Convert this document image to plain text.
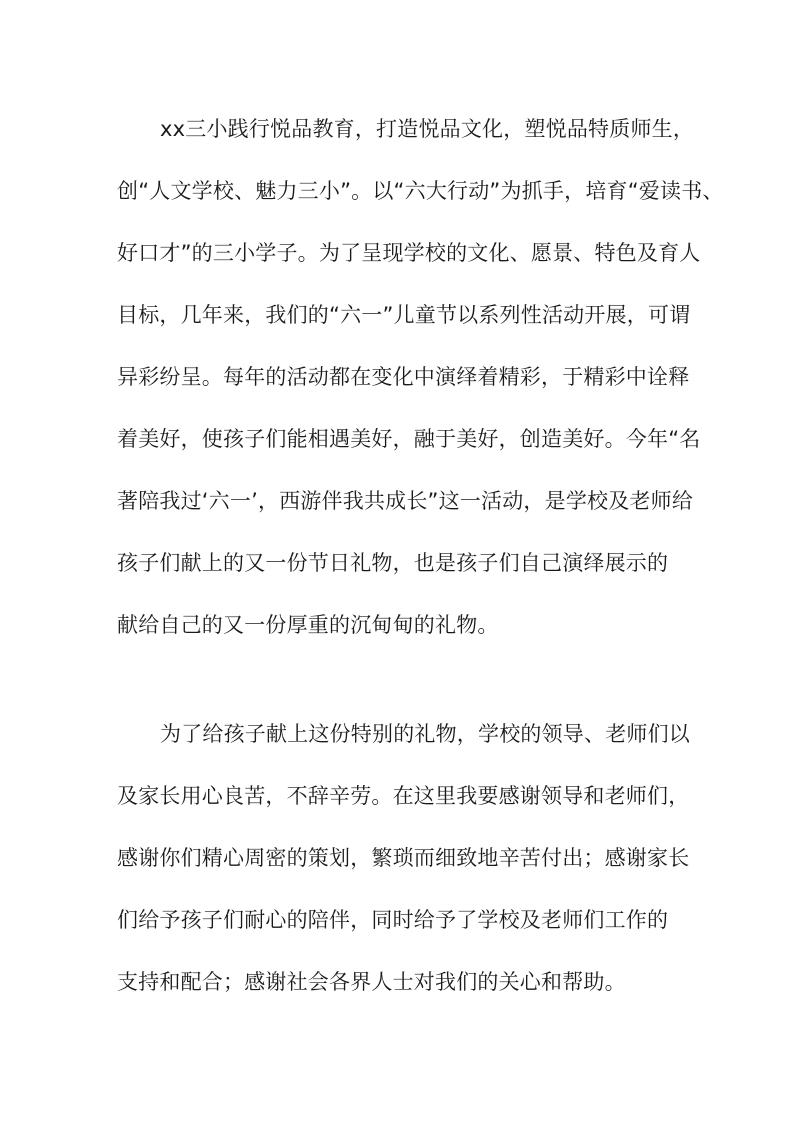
xx三小践行悦品教育，打造悦品文化，塑悦品特质师生，
创“人文学校、魅力三小”。以“六大行动”为抓手，培育“爱读书、
好口才”的三小学子。为了呈现学校的文化、愿景、特色及育人
目标，几年来，我们的“六一”儿童节以系列性活动开展，可谓
异彩纷呈。每年的活动都在变化中演绎着精彩，于精彩中诠释
着美好，使孩子们能相遇美好，融于美好，创造美好。今年“名
著陪我过‘六一’，西游伴我共成长”这一活动，是学校及老师给
孩子们献上的又一份节日礼物，也是孩子们自己演绎展示的
献给自己的又一份厚重的沉甸甸的礼物。
为了给孩子献上这份特别的礼物，学校的领导、老师们以
及家长用心良苦，不辞辛劳。在这里我要感谢领导和老师们，
感谢你们精心周密的策划，繁琐而细致地辛苦付出；感谢家长
们给予孩子们耐心的陪伴，同时给予了学校及老师们工作的
支持和配合；感谢社会各界人士对我们的关心和帮助。
